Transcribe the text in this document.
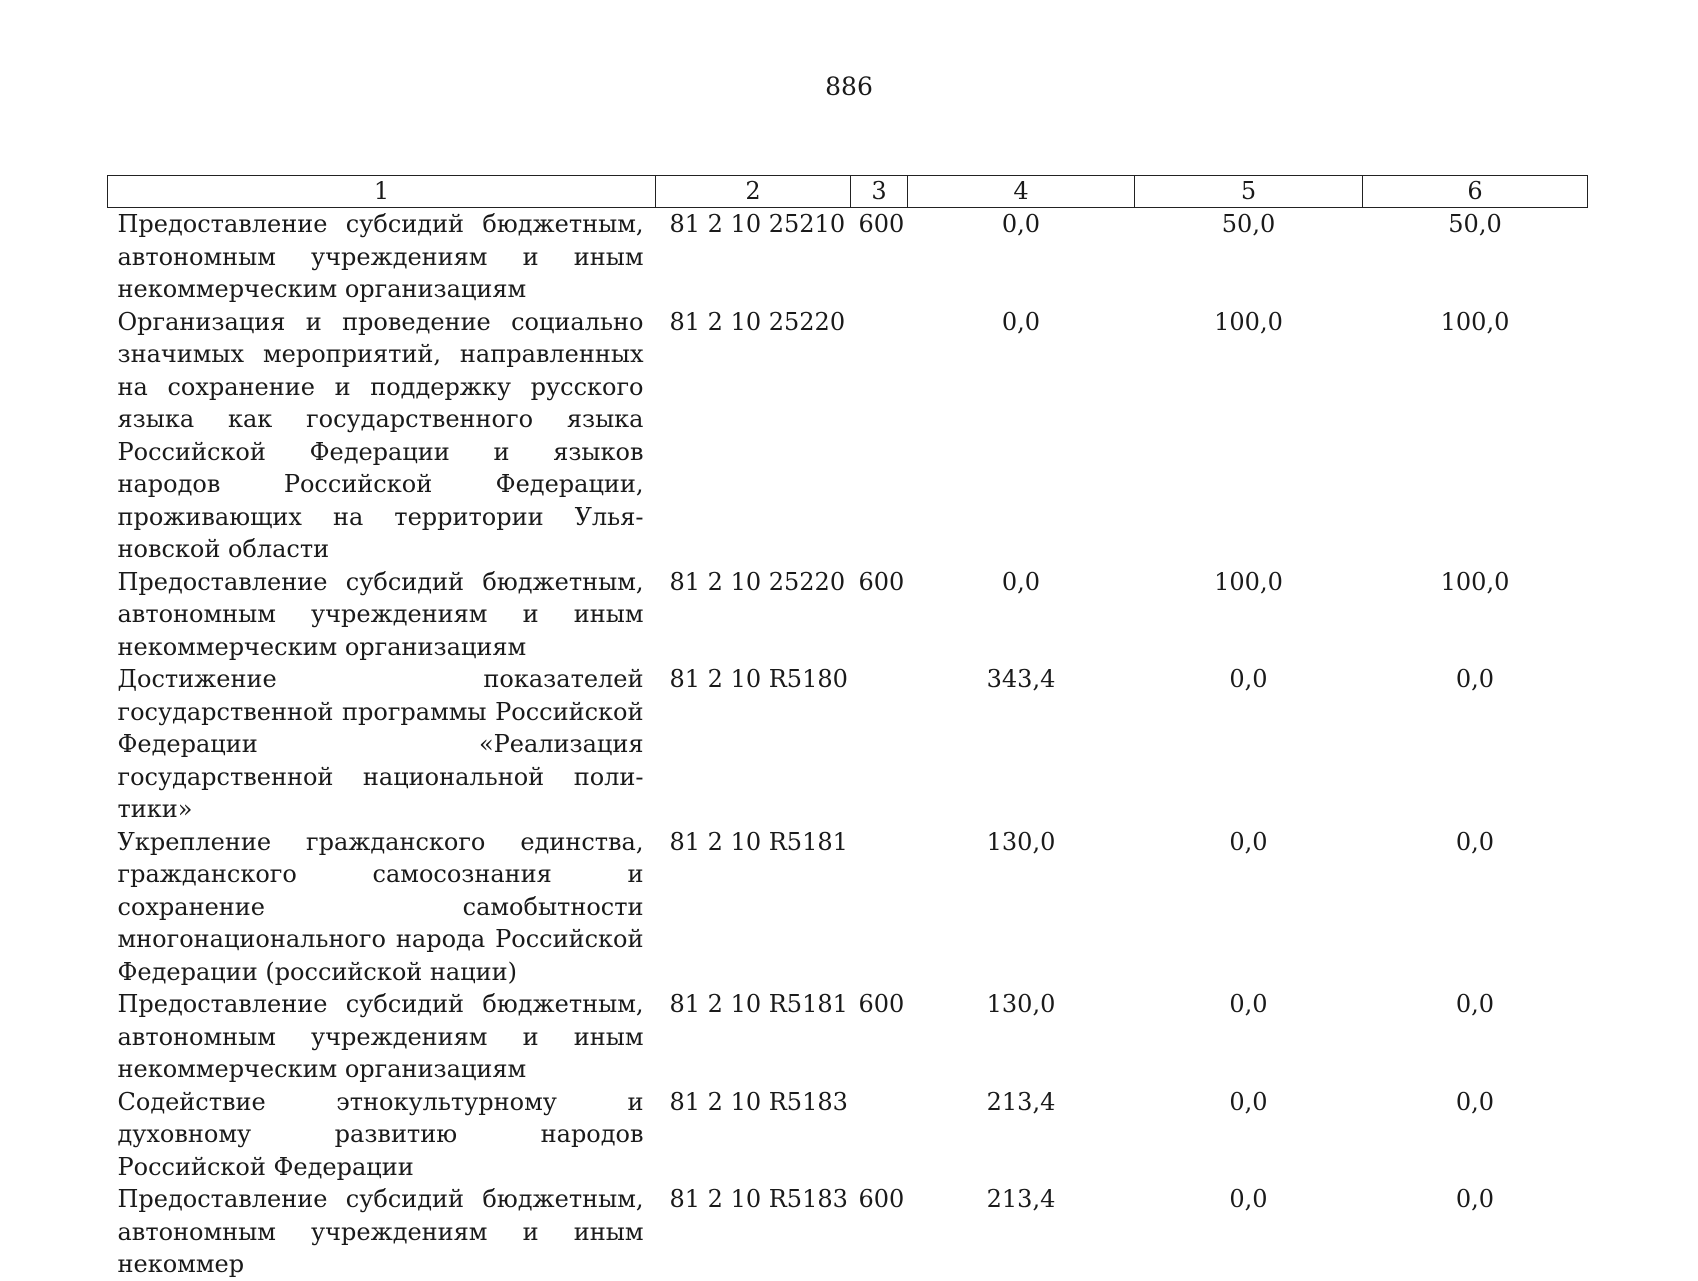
886
1	2	3	4	5	6
Предоставление субсидий бюджетным, автономным учреждениям и иным некоммерческим организациям	81 2 10 25210	600	0,0	50,0	50,0
Организация и проведение социально значимых мероприятий, направленных на сохранение и поддержку русского языка как государственного языка Российской Федерации и языков народов Российской Федерации, проживающих на территории Ульяновской области	81 2 10 25220		0,0	100,0	100,0
Предоставление субсидий бюджетным, автономным учреждениям и иным некоммерческим организациям	81 2 10 25220	600	0,0	100,0	100,0
Достижение показателей государственной программы Российской Федерации «Реализация государственной национальной политики»	81 2 10 R5180		343,4	0,0	0,0
Укрепление гражданского единства, гражданского самосознания и сохранение самобытности многонационального народа Российской Федерации (российской нации)	81 2 10 R5181		130,0	0,0	0,0
Предоставление субсидий бюджетным, автономным учреждениям и иным некоммерческим организациям	81 2 10 R5181	600	130,0	0,0	0,0
Содействие этнокультурному и духовному развитию народов Российской Федерации	81 2 10 R5183		213,4	0,0	0,0
Предоставление субсидий бюджетным, автономным учреждениям и иным некоммер	81 2 10 R5183	600	213,4	0,0	0,0
